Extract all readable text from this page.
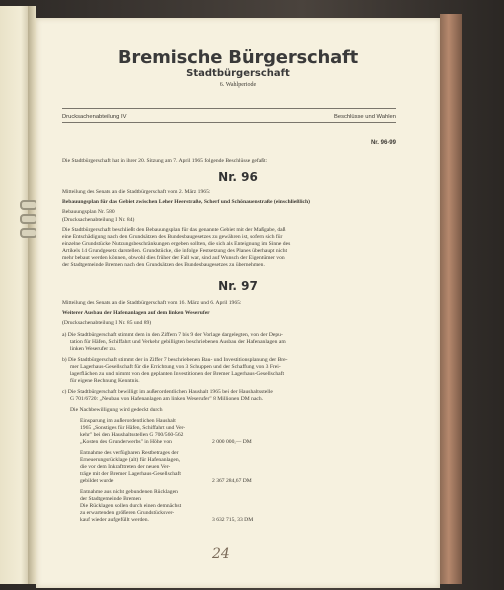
Bremische Bürgerschaft
Stadtbürgerschaft
6. Wahlperiode
Drucksachenabteilung IV	Beschlüsse und Wahlen
Nr. 96-99
Die Stadtbürgerschaft hat in ihrer 20. Sitzung am 7. April 1965 folgende Beschlüsse gefaßt:
Nr. 96
Mitteilung des Senats an die Stadtbürgerschaft vom 2. März 1965:
Bebauungsplan für das Gebiet zwischen Leher Heerstraße, Scherf und Schönauenstraße (einschließlich)
Bebauungsplan Nr. 580
(Drucksachenabteilung I Nr. 84)
Die Stadtbürgerschaft beschließt den Bebauungsplan für das genannte Gebiet mit der Maßgabe, daß
eine Entschädigung nach den Grundsätzen des Bundesbaugesetzes zu gewähren ist, sofern sich für
einzelne Grundstücke Nutzungsbeschränkungen ergeben sollten, die sich als Enteignung im Sinne des
Artikels 14 Grundgesetz darstellen. Grundstücke, die infolge Festsetzung des Planes überhaupt nicht
mehr bebaut werden können, obwohl dies früher der Fall war, sind auf Wunsch der Eigentümer von
der Stadtgemeinde Bremen nach den Grundsätzen des Bundesbaugesetzes zu übernehmen.
Nr. 97
Mitteilung des Senats an die Stadtbürgerschaft vom 16. März und 6. April 1965:
Weiterer Ausbau der Hafenanlagen auf dem linken Weserufer
(Drucksachenabteilung I Nr. 85 und 89)
a) Die Stadtbürgerschaft stimmt dem in den Ziffern 7 bis 9 der Vorlage dargelegten, von der Depu-
tation für Häfen, Schiffahrt und Verkehr gebilligten beschriebenen Ausbau der Hafenanlagen am
linken Weserufer zu.
b) Die Stadtbürgerschaft stimmt der in Ziffer 7 beschriebenen Bau- und Investitionsplanung der Bre-
mer Lagerhaus-Gesellschaft für die Errichtung von 3 Schuppen und der Schaffung von 3 Frei-
lagerflächen zu und nimmt von den geplanten Investitionen der Bremer Lagerhaus-Gesellschaft
für eigene Rechnung Kenntnis.
c) Die Stadtbürgerschaft bewilligt im außerordentlichen Haushalt 1965 bei der Haushaltsstelle
G 701/6720: „Neubau von Hafenanlagen am linken Weserufer" 8 Millionen DM nach.
Die Nachbewilligung wird gedeckt durch
Einsparung im außerordentlichen Haushalt
1965 „Sonstiges für Häfen, Schiffahrt und Ver-
kehr" bei den Haushaltsstellen G 700/560-562
„Kosten des Grunderwerbs" in Höhe von	2 000 000,— DM
Entnahme des verfügbaren Restbetrages der
Erneuerungsrücklage (alt) für Hafenanlagen,
die vor dem Inkrafttreten der neuen Ver-
träge mit der Bremer Lagerhaus-Gesellschaft
gebildet wurde	2 367 284,67 DM
Entnahme aus nicht gebundenen Rücklagen
der Stadtgemeinde Bremen
Die Rücklagen sollen durch einen demnächst
zu erwartenden größeren Grundstücksver-
kauf wieder aufgefüllt werden.	3 632 715, 33 DM
24
